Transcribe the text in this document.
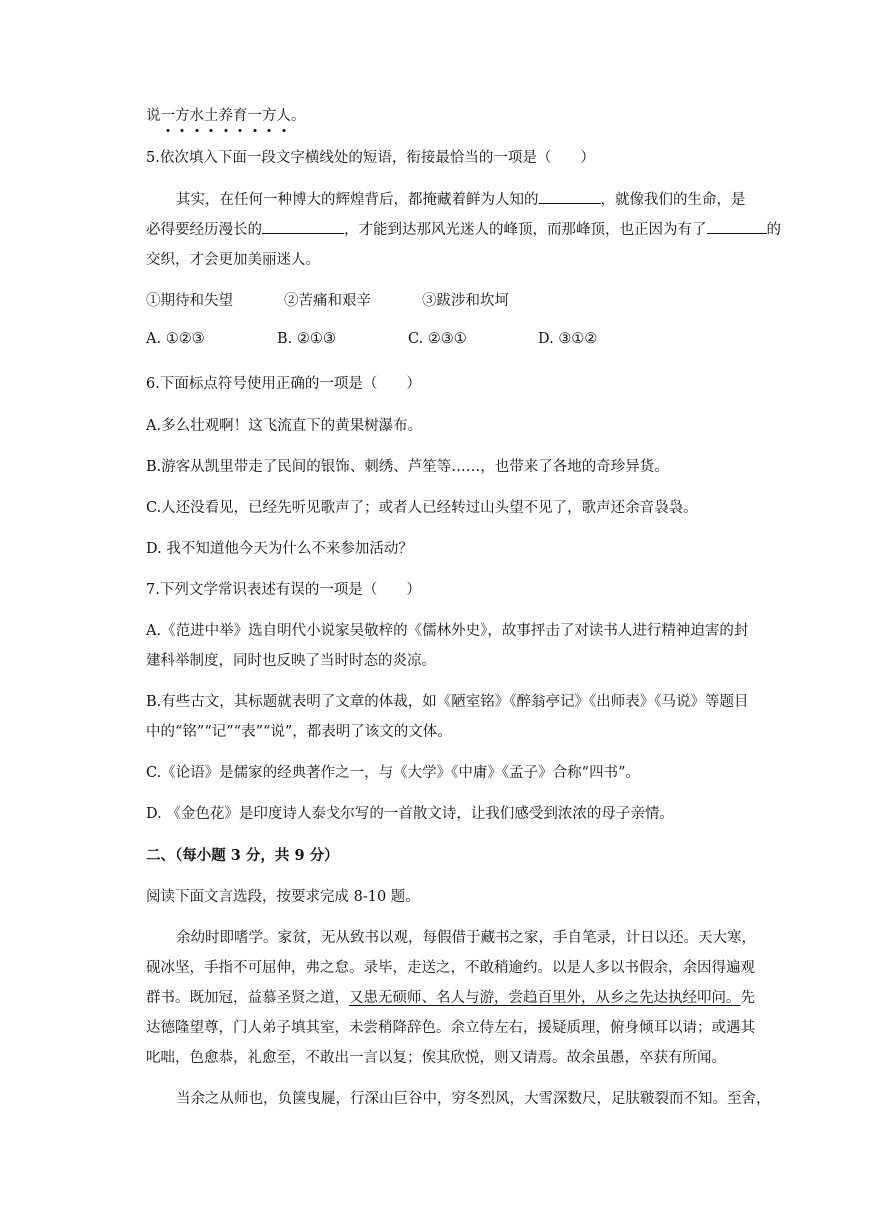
说一方水土养育一方人。
5.依次填入下面一段文字横线处的短语，衔接最恰当的一项是（　　）
其实，在任何一种博大的辉煌背后，都掩藏着鲜为人知的	，就像我们的生命，是
必得要经历漫长的	，才能到达那风光迷人的峰顶，而那峰顶，也正因为有了	的
交织，才会更加美丽迷人。
①期待和失望	②苦痛和艰辛	③跋涉和坎坷
A. ①②③	B. ②①③	C. ②③①	D. ③①②
6.下面标点符号使用正确的一项是（　　）
A.多么壮观啊！这飞流直下的黄果树瀑布。
B.游客从凯里带走了民间的银饰、刺绣、芦笙等……，也带来了各地的奇珍异货。
C.人还没看见，已经先听见歌声了；或者人已经转过山头望不见了，歌声还余音袅袅。
D. 我不知道他今天为什么不来参加活动？
7.下列文学常识表述有误的一项是（　　）
A.《范进中举》选自明代小说家吴敬梓的《儒林外史》，故事抨击了对读书人进行精神迫害的封
建科举制度，同时也反映了当时时态的炎凉。
B.有些古文，其标题就表明了文章的体裁，如《陋室铭》《醉翁亭记》《出师表》《马说》等题目
中的“铭”“记”“表”“说”，都表明了该文的文体。
C.《论语》是儒家的经典著作之一，与《大学》《中庸》《孟子》合称“四书”。
D. 《金色花》是印度诗人泰戈尔写的一首散文诗，让我们感受到浓浓的母子亲情。
二、（每小题 3 分，共 9 分）
阅读下面文言选段，按要求完成 8-10 题。
余幼时即嗜学。家贫，无从致书以观，每假借于藏书之家，手自笔录，计日以还。天大寒，
砚冰坚，手指不可屈伸，弗之怠。录毕，走送之，不敢稍逾约。以是人多以书假余，余因得遍观
群书。既加冠，益慕圣贤之道，又患无硕师、名人与游，尝趋百里外，从乡之先达执经叩问。先
达德隆望尊，门人弟子填其室，未尝稍降辞色。余立侍左右，援疑质理，俯身倾耳以请；或遇其
叱咄，色愈恭，礼愈至，不敢出一言以复；俟其欣悦，则又请焉。故余虽愚，卒获有所闻。
当余之从师也，负箧曳屣，行深山巨谷中，穷冬烈风，大雪深数尺，足肤皲裂而不知。至舍，
